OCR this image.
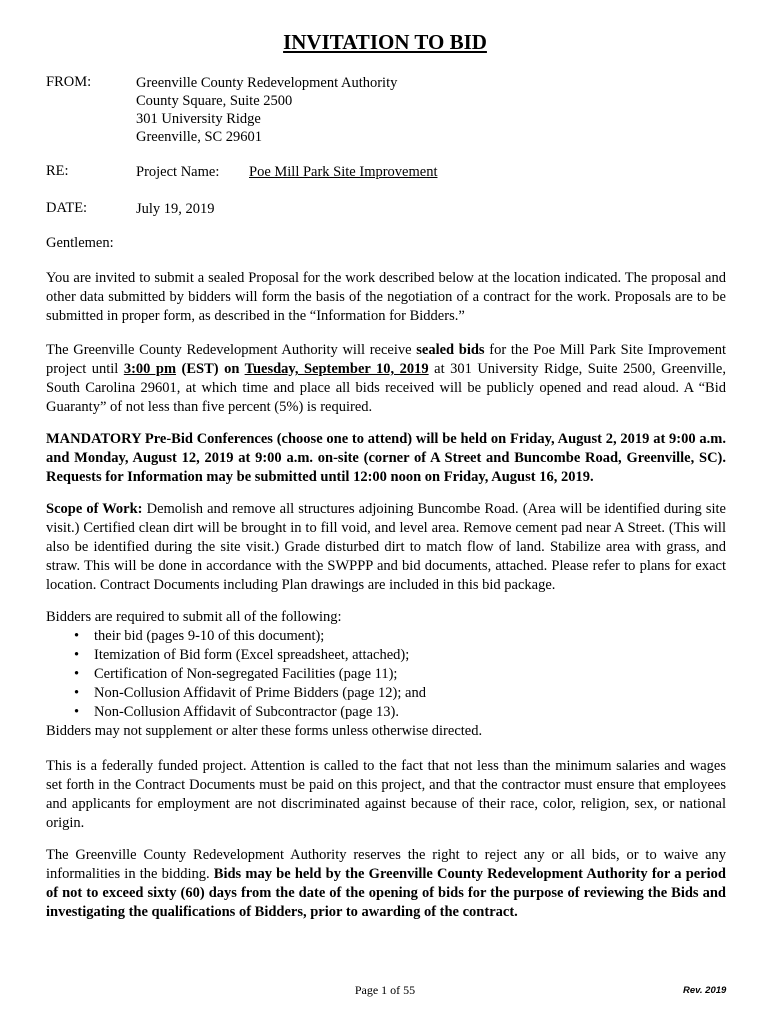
INVITATION TO BID
FROM:	Greenville County Redevelopment Authority
County Square, Suite 2500
301 University Ridge
Greenville, SC 29601
RE:	Project Name: Poe Mill Park Site Improvement
DATE:	July 19, 2019
Gentlemen:

You are invited to submit a sealed Proposal for the work described below at the location indicated. The proposal and other data submitted by bidders will form the basis of the negotiation of a contract for the work. Proposals are to be submitted in proper form, as described in the “Information for Bidders.”

The Greenville County Redevelopment Authority will receive sealed bids for the Poe Mill Park Site Improvement project until 3:00 pm (EST) on Tuesday, September 10, 2019 at 301 University Ridge, Suite 2500, Greenville, South Carolina 29601, at which time and place all bids received will be publicly opened and read aloud. A “Bid Guaranty” of not less than five percent (5%) is required.

MANDATORY Pre-Bid Conferences (choose one to attend) will be held on Friday, August 2, 2019 at 9:00 a.m. and Monday, August 12, 2019 at 9:00 a.m. on-site (corner of A Street and Buncombe Road, Greenville, SC). Requests for Information may be submitted until 12:00 noon on Friday, August 16, 2019.

Scope of Work: Demolish and remove all structures adjoining Buncombe Road. (Area will be identified during site visit.) Certified clean dirt will be brought in to fill void, and level area. Remove cement pad near A Street. (This will also be identified during the site visit.) Grade disturbed dirt to match flow of land. Stabilize area with grass, and straw. This will be done in accordance with the SWPPP and bid documents, attached. Please refer to plans for exact location. Contract Documents including Plan drawings are included in this bid package.

Bidders are required to submit all of the following:
• their bid (pages 9-10 of this document);
• Itemization of Bid form (Excel spreadsheet, attached);
• Certification of Non-segregated Facilities (page 11);
• Non-Collusion Affidavit of Prime Bidders (page 12); and
• Non-Collusion Affidavit of Subcontractor (page 13).
Bidders may not supplement or alter these forms unless otherwise directed.

This is a federally funded project. Attention is called to the fact that not less than the minimum salaries and wages set forth in the Contract Documents must be paid on this project, and that the contractor must ensure that employees and applicants for employment are not discriminated against because of their race, color, religion, sex, or national origin.

The Greenville County Redevelopment Authority reserves the right to reject any or all bids, or to waive any informalities in the bidding. Bids may be held by the Greenville County Redevelopment Authority for a period of not to exceed sixty (60) days from the date of the opening of bids for the purpose of reviewing the Bids and investigating the qualifications of Bidders, prior to awarding of the contract.

Page 1 of 55	Rev. 2019
